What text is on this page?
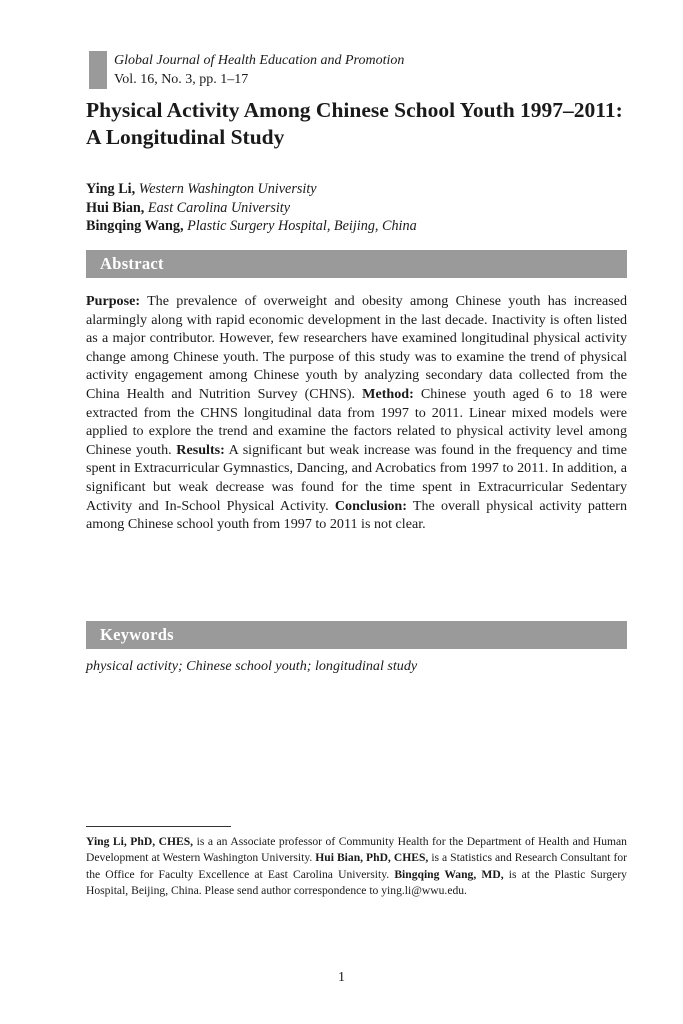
Global Journal of Health Education and Promotion
Vol. 16, No. 3, pp. 1–17
Physical Activity Among Chinese School Youth 1997–2011: A Longitudinal Study
Ying Li, Western Washington University
Hui Bian, East Carolina University
Bingqing Wang, Plastic Surgery Hospital, Beijing, China
Abstract

Purpose: The prevalence of overweight and obesity among Chinese youth has increased alarmingly along with rapid economic development in the last decade. Inactivity is often listed as a major contributor. However, few researchers have examined longitudinal physical activity change among Chinese youth. The purpose of this study was to examine the trend of physical activity engagement among Chinese youth by analyzing secondary data collected from the China Health and Nutrition Survey (CHNS). Method: Chinese youth aged 6 to 18 were extracted from the CHNS longitudinal data from 1997 to 2011. Linear mixed models were applied to explore the trend and examine the factors related to physical activity level among Chinese youth. Results: A significant but weak increase was found in the frequency and time spent in Extracurricular Gymnastics, Dancing, and Acrobatics from 1997 to 2011. In addition, a significant but weak decrease was found for the time spent in Extracurricular Sedentary Activity and In-School Physical Activity. Conclusion: The overall physical activity pattern among Chinese school youth from 1997 to 2011 is not clear.

Keywords
physical activity; Chinese school youth; longitudinal study

Ying Li, PhD, CHES, is a an Associate professor of Community Health for the Department of Health and Human Development at Western Washington University. Hui Bian, PhD, CHES, is a Statistics and Research Consultant for the Office for Faculty Excellence at East Carolina University. Bingqing Wang, MD, is at the Plastic Surgery Hospital, Beijing, China. Please send author correspondence to ying.li@wwu.edu.

1
